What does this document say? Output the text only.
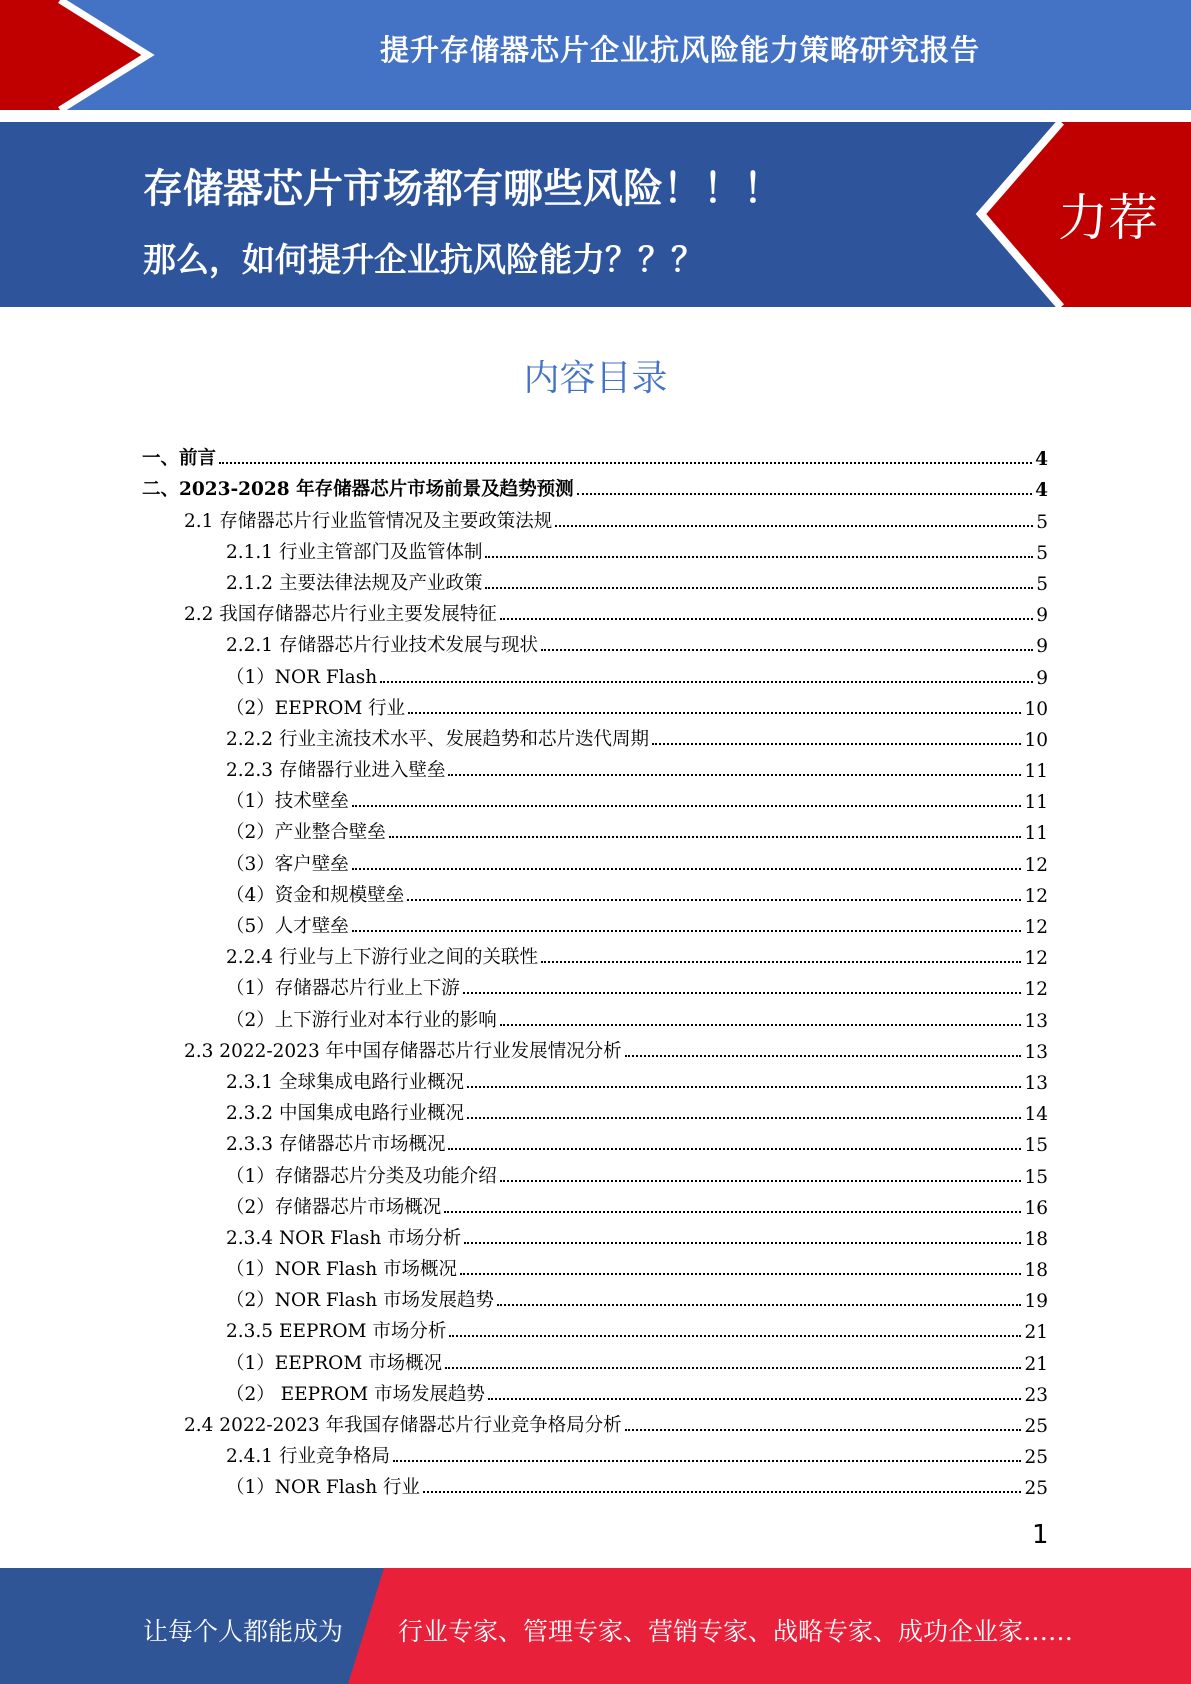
提升存储器芯片企业抗风险能力策略研究报告
存储器芯片市场都有哪些风险！！！
那么，如何提升企业抗风险能力？？？
力荐
内容目录
一、前言	4
二、2023-2028 年存储器芯片市场前景及趋势预测	4
2.1 存储器芯片行业监管情况及主要政策法规	5
2.1.1 行业主管部门及监管体制	5
2.1.2 主要法律法规及产业政策	5
2.2 我国存储器芯片行业主要发展特征	9
2.2.1 存储器芯片行业技术发展与现状	9
（1）NOR Flash	9
（2）EEPROM 行业	10
2.2.2 行业主流技术水平、发展趋势和芯片迭代周期	10
2.2.3 存储器行业进入壁垒	11
（1）技术壁垒	11
（2）产业整合壁垒	11
（3）客户壁垒	12
（4）资金和规模壁垒	12
（5）人才壁垒	12
2.2.4 行业与上下游行业之间的关联性	12
（1）存储器芯片行业上下游	12
（2）上下游行业对本行业的影响	13
2.3 2022-2023 年中国存储器芯片行业发展情况分析	13
2.3.1 全球集成电路行业概况	13
2.3.2 中国集成电路行业概况	14
2.3.3 存储器芯片市场概况	15
（1）存储器芯片分类及功能介绍	15
（2）存储器芯片市场概况	16
2.3.4 NOR Flash 市场分析	18
（1）NOR Flash 市场概况	18
（2）NOR Flash 市场发展趋势	19
2.3.5 EEPROM 市场分析	21
（1）EEPROM 市场概况	21
（2） EEPROM 市场发展趋势	23
2.4 2022-2023 年我国存储器芯片行业竞争格局分析	25
2.4.1 行业竞争格局	25
（1）NOR Flash 行业	25
1
让每个人都能成为 行业专家、管理专家、营销专家、战略专家、成功企业家……
